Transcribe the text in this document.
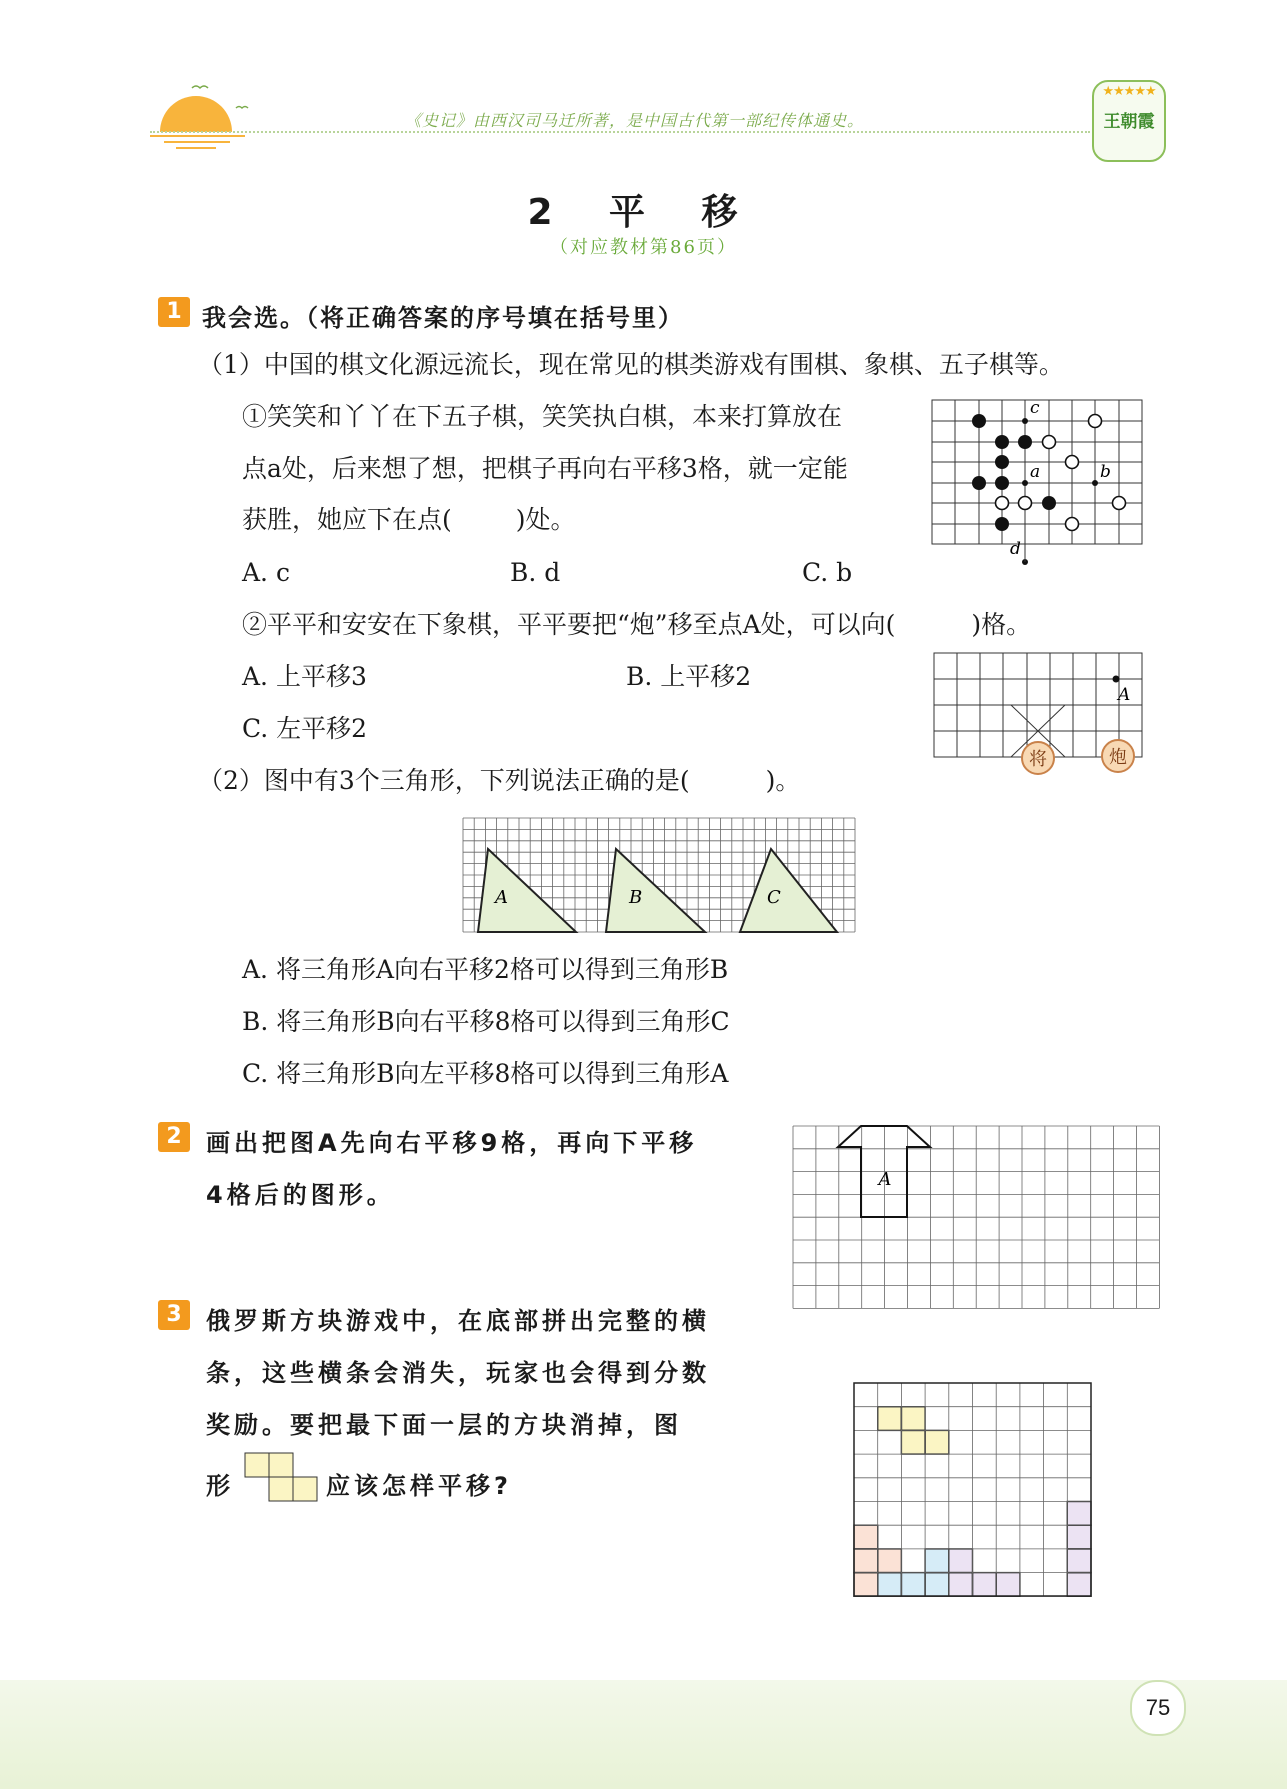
《史记》由西汉司马迁所著，是中国古代第一部纪传体通史。
★★★★★
王朝霞
2 平 移
（对应教材第86页）
1 我会选。（将正确答案的序号填在括号里）
（1）中国的棋文化源远流长，现在常见的棋类游戏有围棋、象棋、五子棋等。
①笑笑和丫丫在下五子棋，笑笑执白棋，本来打算放在
点a处，后来想了想，把棋子再向右平移3格，就一定能
获胜，她应下在点(	)处。
A. c	B. d	C. b
c
a	b
d
②平平和安安在下象棋，平平要把“炮”移至点A处，可以向(	)格。
A. 上平移3	B. 上平移2
C. 左平移2
A
将	炮
（2）图中有3个三角形，下列说法正确的是(	)。
A	B	C
A. 将三角形A向右平移2格可以得到三角形B
B. 将三角形B向右平移8格可以得到三角形C
C. 将三角形B向左平移8格可以得到三角形A
2	画出把图A先向右平移9格，再向下平移
4格后的图形。
A
3	俄罗斯方块游戏中，在底部拼出完整的横
条，这些横条会消失，玩家也会得到分数
奖励。要把最下面一层的方块消掉，图
形	应该怎样平移?
75
